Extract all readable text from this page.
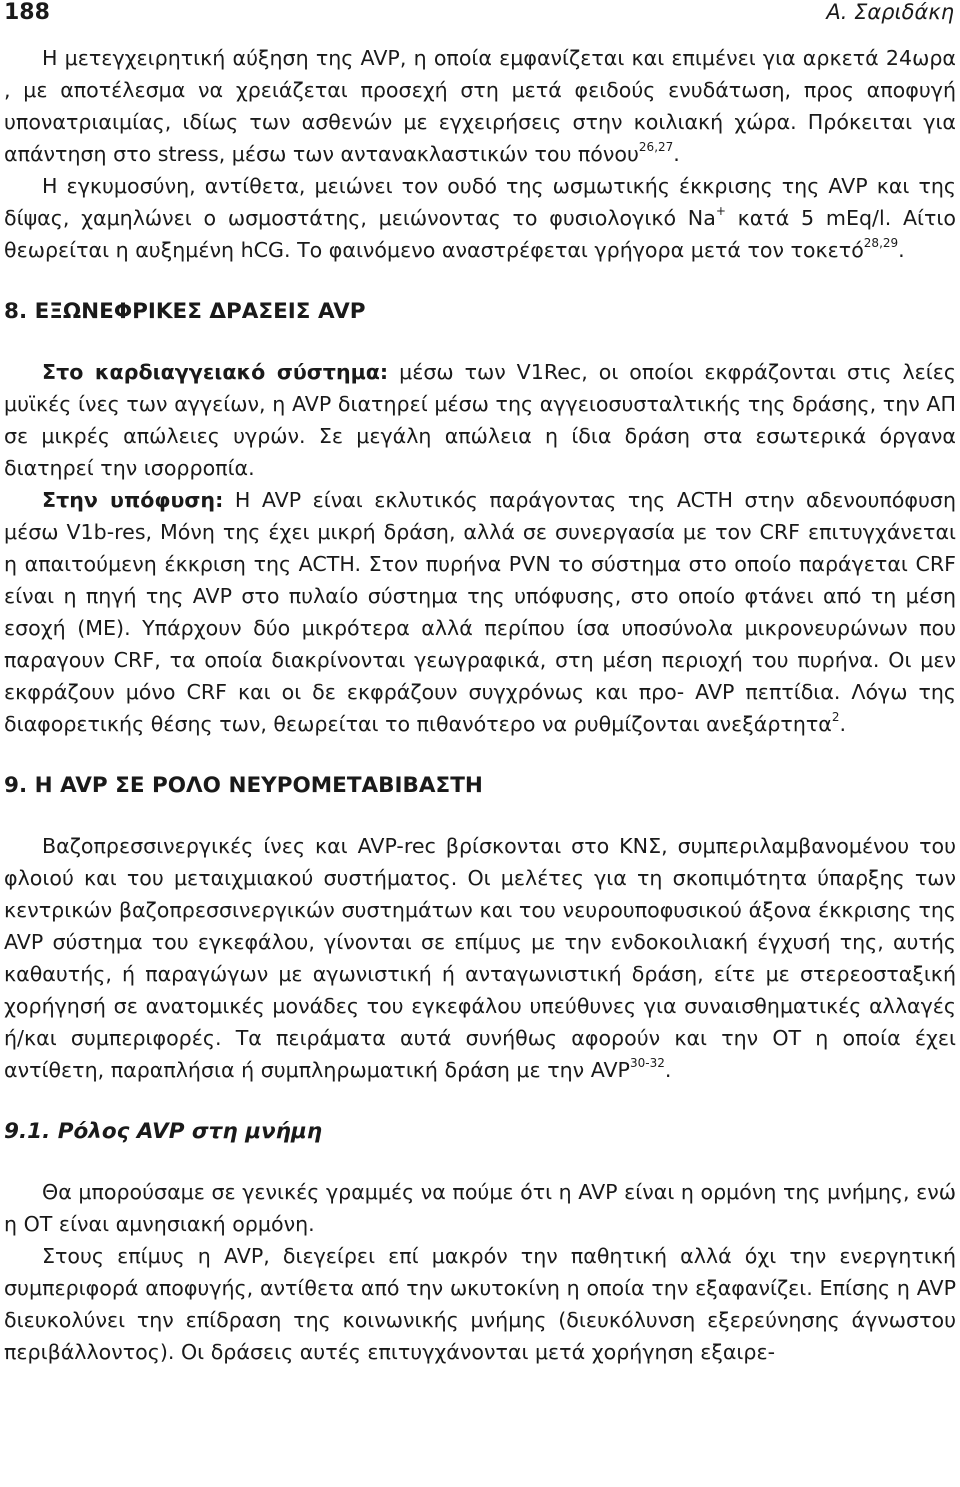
188	Α. Σαριδάκη

Η μετεγχειρητική αύξηση της AVP, η οποία εμφανίζεται και επιμένει για αρκετά 24ωρα , με αποτέλεσμα να χρειάζεται προσεχή στη μετά φειδούς ενυδάτωση, προς αποφυγή υπονατριαιμίας, ιδίως των ασθενών με εγχειρήσεις στην κοιλιακή χώρα. Πρόκειται για απάντηση στο stress, μέσω των αντανακλαστικών του πόνου$^{26,27}$.

Η εγκυμοσύνη, αντίθετα, μειώνει τον ουδό της ωσμωτικής έκκρισης της AVP και της δίψας, χαμηλώνει ο ωσμοστάτης, μειώνοντας το φυσιολογικό Na+ κατά 5 mEq/l. Αίτιο θεωρείται η αυξημένη hCG. Το φαινόμενο αναστρέφεται γρήγορα μετά τον τοκετό$^{28,29}$.

8. ΕΞΩΝΕΦΡΙΚΕΣ ΔΡΑΣΕΙΣ AVP

Στο καρδιαγγειακό σύστημα: μέσω των V1Rec, οι οποίοι εκφράζονται στις λείες μυϊκές ίνες των αγγείων, η AVP διατηρεί μέσω της αγγειοσυσταλτικής της δράσης, την ΑΠ σε μικρές απώλειες υγρών. Σε μεγάλη απώλεια η ίδια δράση στα εσωτερικά όργανα διατηρεί την ισορροπία.

Στην υπόφυση: Η AVP είναι εκλυτικός παράγοντας της ACTH στην αδενουπόφυση μέσω V1b-res, Μόνη της έχει μικρή δράση, αλλά σε συνεργασία με τον CRF επιτυγχάνεται η απαιτούμενη έκκριση της ACTH. Στον πυρήνα PVN το σύστημα στο οποίο παράγεται CRF είναι η πηγή της AVP στο πυλαίο σύστημα της υπόφυσης, στο οποίο φτάνει από τη μέση εσοχή (ΜΕ). Υπάρχουν δύο μικρότερα αλλά περίπου ίσα υποσύνολα μικρονευρώνων που παραγουν CRF, τα οποία διακρίνονται γεωγραφικά, στη μέση περιοχή του πυρήνα. Οι μεν εκφράζουν μόνο CRF και οι δε εκφράζουν συγχρόνως και προ- AVP πεπτίδια. Λόγω της διαφορετικής θέσης των, θεωρείται το πιθανότερο να ρυθμίζονται ανεξάρτητα$^2$.

9. Η AVP ΣΕ ΡΟΛΟ ΝΕΥΡΟΜΕΤΑΒΙΒΑΣΤΗ

Βαζοπρεσσινεργικές ίνες και AVP-rec βρίσκονται στο ΚΝΣ, συμπεριλαμβανομένου του φλοιού και του μεταιχμιακού συστήματος. Οι μελέτες για τη σκοπιμότητα ύπαρξης των κεντρικών βαζοπρεσσινεργικών συστημάτων και του νευρουποφυσικού άξονα έκκρισης της AVP σύστημα του εγκεφάλου, γίνονται σε επίμυς με την ενδοκοιλιακή έγχυσή της, αυτής καθαυτής, ή παραγώγων με αγωνιστική ή ανταγωνιστική δράση, είτε με στερεοσταξική χορήγησή σε ανατομικές μονάδες του εγκεφάλου υπεύθυνες για συναισθηματικές αλλαγές ή/και συμπεριφορές. Τα πειράματα αυτά συνήθως αφορούν και την ΟΤ η οποία έχει αντίθετη, παραπλήσια ή συμπληρωματική δράση με την AVP$^{30-32}$.

9.1. Ρόλος AVP στη μνήμη

Θα μπορούσαμε σε γενικές γραμμές να πούμε ότι η AVP είναι η ορμόνη της μνήμης, ενώ η ΟΤ είναι αμνησιακή ορμόνη.

Στους επίμυς η AVP, διεγείρει επί μακρόν την παθητική αλλά όχι την ενεργητική συμπεριφορά αποφυγής, αντίθετα από την ωκυτοκίνη η οποία την εξαφανίζει. Επίσης η AVP διευκολύνει την επίδραση της κοινωνικής μνήμης (διευκόλυνση εξερεύνησης άγνωστου περιβάλλοντος). Οι δράσεις αυτές επιτυγχάνονται μετά χορήγηση εξαιρε-
